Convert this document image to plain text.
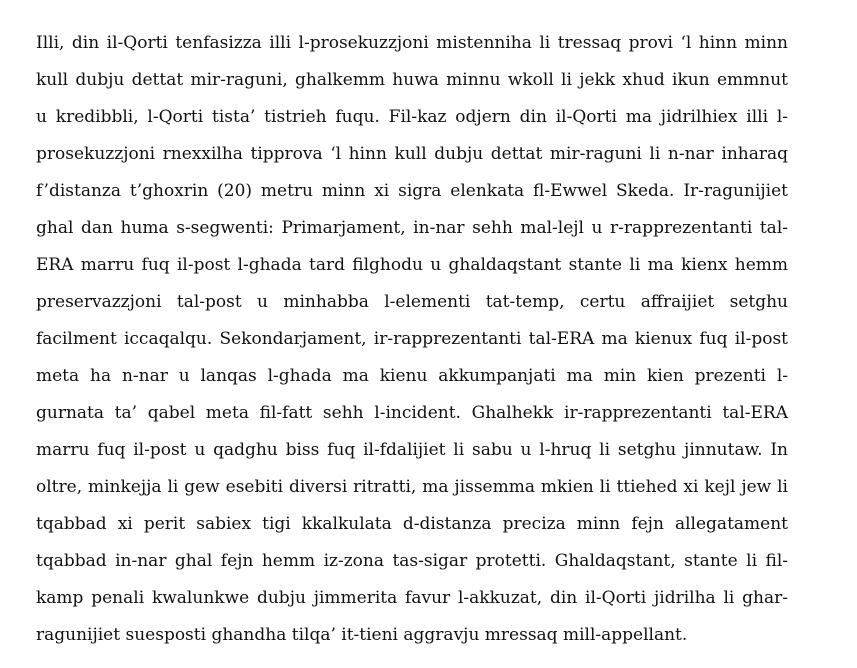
Illi, din il-Qorti tenfasizza illi l-prosekuzzjoni mistenniha li tressaq provi ‘l hinn minn
kull dubju dettat mir-raguni, ghalkemm huwa minnu wkoll li jekk xhud ikun emmnut
u kredibbli, l-Qorti tista’ tistrieh fuqu. Fil-kaz odjern din il-Qorti ma jidrilhiex illi l-
prosekuzzjoni rnexxilha tipprova ‘l hinn kull dubju dettat mir-raguni li n-nar inharaq
f’distanza t’ghoxrin (20) metru minn xi sigra elenkata fl-Ewwel Skeda. Ir-ragunijiet
ghal dan huma s-segwenti: Primarjament, in-nar sehh mal-lejl u r-rapprezentanti tal-
ERA marru fuq il-post l-ghada tard filghodu u ghaldaqstant stante li ma kienx hemm
preservazzjoni tal-post u minhabba l-elementi tat-temp, certu affraijiet setghu
facilment iccaqalqu. Sekondarjament, ir-rapprezentanti tal-ERA ma kienux fuq il-post
meta ha n-nar u lanqas l-ghada ma kienu akkumpanjati ma min kien prezenti l-
gurnata ta’ qabel meta fil-fatt sehh l-incident. Ghalhekk ir-rapprezentanti tal-ERA
marru fuq il-post u qadghu biss fuq il-fdalijiet li sabu u l-hruq li setghu jinnutaw. In
oltre, minkejja li gew esebiti diversi ritratti, ma jissemma mkien li ttiehed xi kejl jew li
tqabbad xi perit sabiex tigi kkalkulata d-distanza preciza minn fejn allegatament
tqabbad in-nar ghal fejn hemm iz-zona tas-sigar protetti. Ghaldaqstant, stante li fil-
kamp penali kwalunkwe dubju jimmerita favur l-akkuzat, din il-Qorti jidrilha li ghar-
ragunijiet suesposti ghandha tilqa’ it-tieni aggravju mressaq mill-appellant.
